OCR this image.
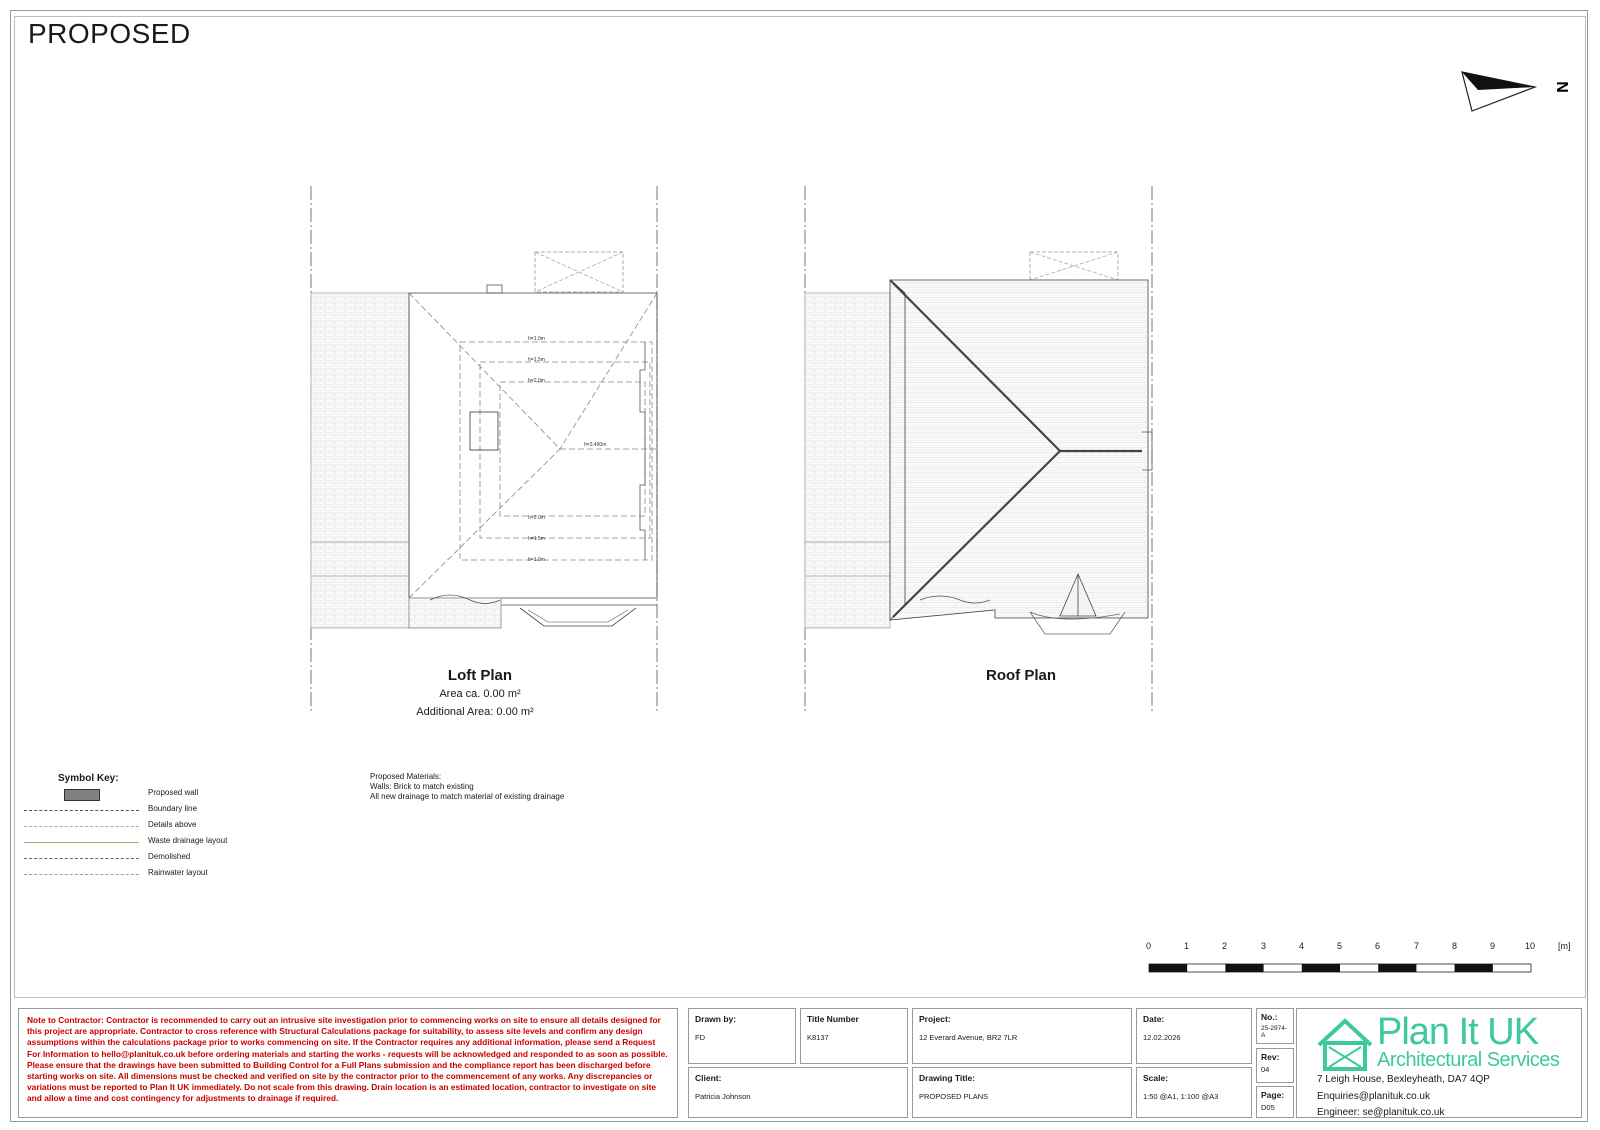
PROPOSED
N
h=1.0m
h=1.5m
h=2.0m
h=3.490m
h=2.0m
h=1.5m
h=1.0m
Loft Plan
Area ca. 0.00 m²
Additional Area: 0.00 m²
Roof Plan
Symbol Key:
Proposed wall
Boundary line
Details above
Waste drainage layout
Demolished
Rainwater layout
Proposed Materials:
Walls: Brick to match existing
All new drainage to match material of existing drainage
0	1	2	3	4	5	6	7	8	9	10	[m]
Note to Contractor: Contractor is recommended to carry out an intrusive site investigation prior to commencing works on site to ensure all details designed for this project are appropriate. Contractor to cross reference with Structural Calculations package for suitability, to assess site levels and confirm any design assumptions within the calculations package prior to works commencing on site. If the Contractor requires any additional information, please send a Request For Information to hello@planituk.co.uk before ordering materials and starting the works - requests will be acknowledged and responded to as soon as possible. Please ensure that the drawings have been submitted to Building Control for a Full Plans submission and the compliance report has been discharged before starting works on site. All dimensions must be checked and verified on site by the contractor prior to the commencement of any works. Any discrepancies or variations must be reported to Plan It UK immediately. Do not scale from this drawing. Drain location is an estimated location, contractor to investigate on site and allow a time and cost contingency for adjustments to drainage if required.
Drawn by:
FD
Title Number
K8137
Project:
12 Everard Avenue, BR2 7LR
Date:
12.02.2026
No.:
25-2974-A
Client:
Patricia Johnson
Drawing Title:
PROPOSED PLANS
Scale:
1:50 @A1, 1:100 @A3
Rev:
04
Page:
D05
Plan It UK
Architectural Services
7 Leigh House, Bexleyheath, DA7 4QP
Enquiries@planituk.co.uk
Engineer: se@planituk.co.uk
